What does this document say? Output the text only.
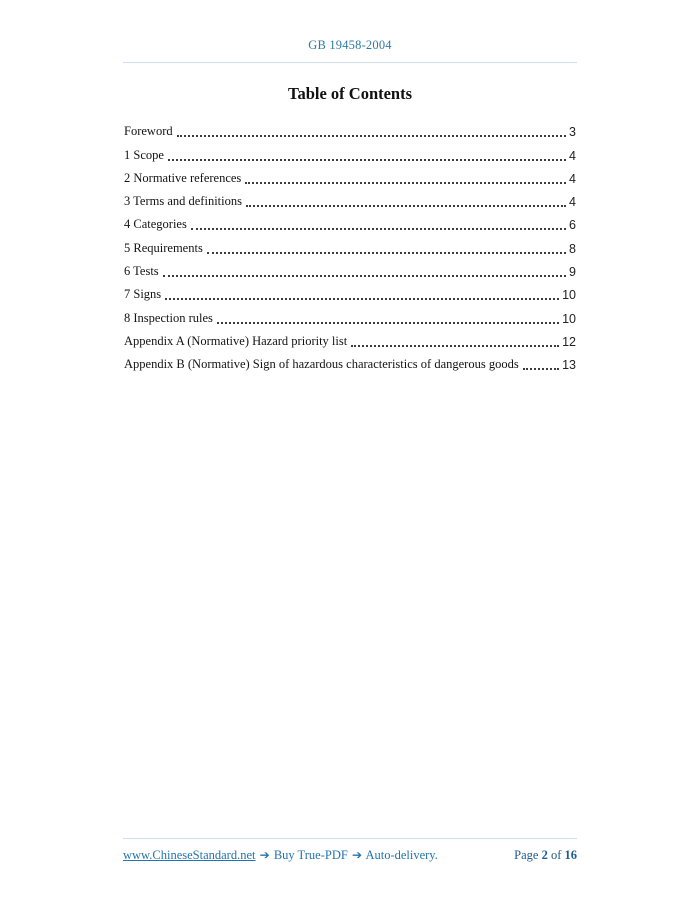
GB 19458-2004
Table of Contents
Foreword	3
1 Scope	4
2 Normative references	4
3 Terms and definitions	4
4 Categories	6
5 Requirements	8
6 Tests	9
7 Signs	10
8 Inspection rules	10
Appendix A (Normative) Hazard priority list	12
Appendix B (Normative) Sign of hazardous characteristics of dangerous goods	13
www.ChineseStandard.net ➔ Buy True-PDF ➔ Auto-delivery.	Page 2 of 16
